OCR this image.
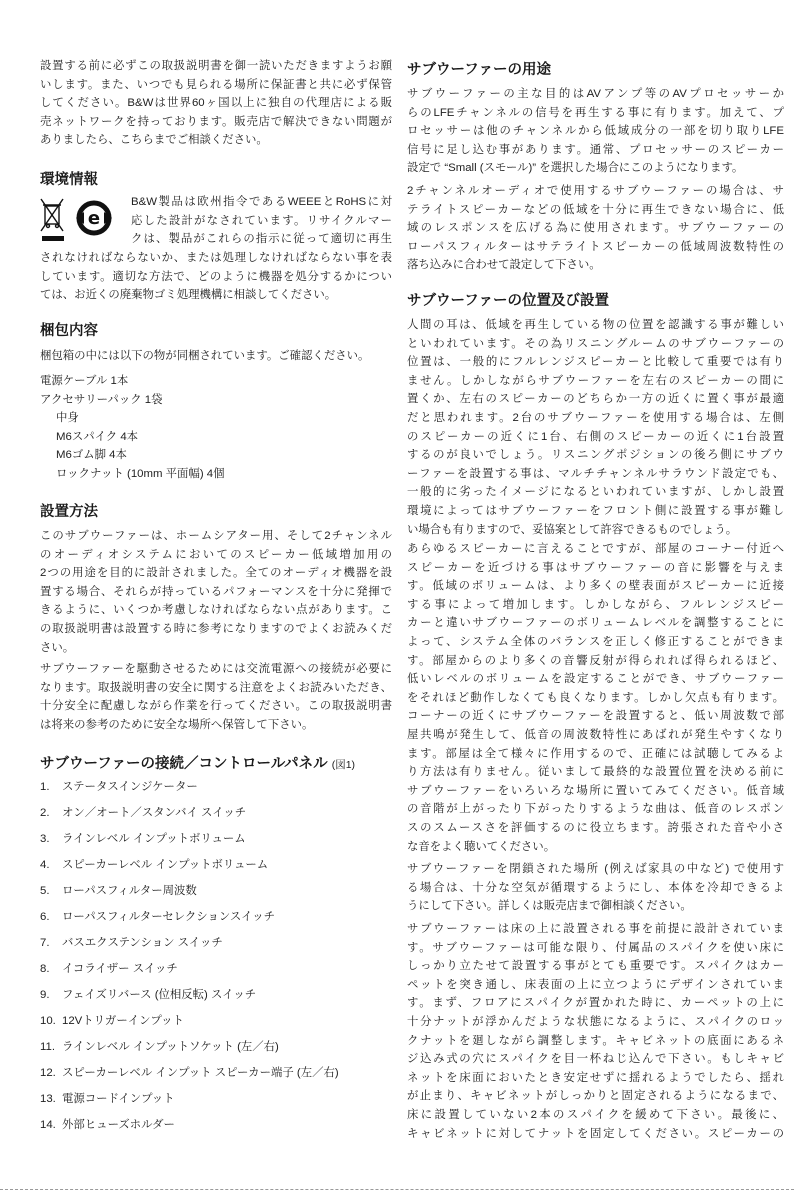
設置する前に必ずこの取扱説明書を御一読いただきますようお願
いします。また、いつでも見られる場所に保証書と共に必ず保管
してください。B&Wは世界60ヶ国以上に独自の代理店による販
売ネットワークを持っております。販売店で解決できない問題が
ありましたら、こちらまでご相談ください。
環境情報
e
B&W製品は欧州指令であるWEEEとRoHSに対
応した設計がなされています。リサイクルマー
クは、製品がこれらの指示に従って適切に再生
されなければならないか、または処理しなければならない事を表
しています。適切な方法で、どのように機器を処分するかについ
ては、お近くの廃棄物ゴミ処理機構に相談してください。
梱包内容
梱包箱の中には以下の物が同梱されています。ご確認ください。
電源ケーブル 1本
アクセサリーパック 1袋
中身
M6スパイク 4本
M6ゴム脚 4本
ロックナット (10mm 平面幅) 4個
設置方法
このサブウーファーは、ホームシアター用、そして2チャンネル
のオーディオシステムにおいてのスピーカー低域増加用の
2つの用途を目的に設計されました。全てのオーディオ機器を設
置する場合、それらが持っているパフォーマンスを十分に発揮で
きるように、いくつか考慮しなければならない点があります。こ
の取扱説明書は設置する時に参考になりますのでよくお読みくだ
さい。
サブウーファーを駆動させるためには交流電源への接続が必要に
なります。取扱説明書の安全に関する注意をよくお読みいただき、
十分安全に配慮しながら作業を行ってください。この取扱説明書
は将来の参考のために安全な場所へ保管して下さい。
サブウーファーの接続／コントロールパネル (図1)
1. ステータスインジケーター
2. オン／オート／スタンバイ スイッチ
3. ラインレベル インプットボリューム
4. スピーカーレベル インプットボリューム
5. ローパスフィルター周波数
6. ローパスフィルターセレクションスイッチ
7. バスエクステンション スイッチ
8. イコライザー スイッチ
9. フェイズリバース (位相反転) スイッチ
10. 12Vトリガーインプット
11. ラインレベル インプットソケット (左／右)
12. スピーカーレベル インプット スピーカー端子 (左／右)
13. 電源コードインプット
14. 外部ヒューズホルダー
サブウーファーの用途
サブウーファーの主な目的はAVアンプ等のAVプロセッサーか
らのLFEチャンネルの信号を再生する事に有ります。加えて、プ
ロセッサーは他のチャンネルから低域成分の一部を切り取りLFE
信号に足し込む事があります。通常、プロセッサーのスピーカー
設定で “Small (スモール)” を選択した場合にこのようになります。
2チャンネルオーディオで使用するサブウーファーの場合は、サ
テライトスピーカーなどの低域を十分に再生できない場合に、低
域のレスポンスを広げる為に使用されます。サブウーファーの
ローパスフィルターはサテライトスピーカーの低域周波数特性の
落ち込みに合わせて設定して下さい。
サブウーファーの位置及び設置
人間の耳は、低域を再生している物の位置を認識する事が難しい
といわれています。その為リスニングルームのサブウーファーの
位置は、一般的にフルレンジスピーカーと比較して重要では有り
ません。しかしながらサブウーファーを左右のスピーカーの間に
置くか、左右のスピーカーのどちらか一方の近くに置く事が最適
だと思われます。2台のサブウーファーを使用する場合は、左側
のスピーカーの近くに1台、右側のスピーカーの近くに1台設置
するのが良いでしょう。リスニングポジションの後ろ側にサブウ
ーファーを設置する事は、マルチチャンネルサラウンド設定でも、
一般的に劣ったイメージになるといわれていますが、しかし設置
環境によってはサブウーファーをフロント側に設置する事が難し
い場合も有りますので、妥協案として許容できるものでしょう。
あらゆるスピーカーに言えることですが、部屋のコーナー付近へ
スピーカーを近づける事はサブウーファーの音に影響を与えま
す。低域のボリュームは、より多くの壁表面がスピーカーに近接
する事によって増加します。しかしながら、フルレンジスピー
カーと違いサブウーファーのボリュームレベルを調整することに
よって、システム全体のバランスを正しく修正することができま
す。部屋からのより多くの音響反射が得られれば得られるほど、
低いレベルのボリュームを設定することができ、サブウーファー
をそれほど動作しなくても良くなります。しかし欠点も有ります。
コーナーの近くにサブウーファーを設置すると、低い周波数で部
屋共鳴が発生して、低音の周波数特性にあばれが発生やすくなり
ます。部屋は全て様々に作用するので、正確には試聴してみるよ
り方法は有りません。従いまして最終的な設置位置を決める前に
サブウーファーをいろいろな場所に置いてみてください。低音域
の音階が上がったり下がったりするような曲は、低音のレスポン
スのスムースさを評価するのに役立ちます。誇張された音や小さ
な音をよく聴いてください。
サブウーファーを閉鎖された場所 (例えば家具の中など) で使用す
る場合は、十分な空気が循環するようにし、本体を冷却できるよ
うにして下さい。詳しくは販売店まで御相談ください。
サブウーファーは床の上に設置される事を前提に設計されていま
す。サブウーファーは可能な限り、付属品のスパイクを使い床に
しっかり立たせて設置する事がとても重要です。スパイクはカー
ペットを突き通し、床表面の上に立つようにデザインされていま
す。まず、フロアにスパイクが置かれた時に、カーペットの上に
十分ナットが浮かんだような状態になるように、スパイクのロッ
クナットを廻しながら調整します。キャビネットの底面にあるネ
ジ込み式の穴にスパイクを目一杯ねじ込んで下さい。もしキャビ
ネットを床面においたとき安定せずに揺れるようでしたら、揺れ
が止まり、キャビネットがしっかりと固定されるようになるまで、
床に設置していない2本のスパイクを緩めて下さい。最後に、
キャビネットに対してナットを固定してください。スピーカーの
